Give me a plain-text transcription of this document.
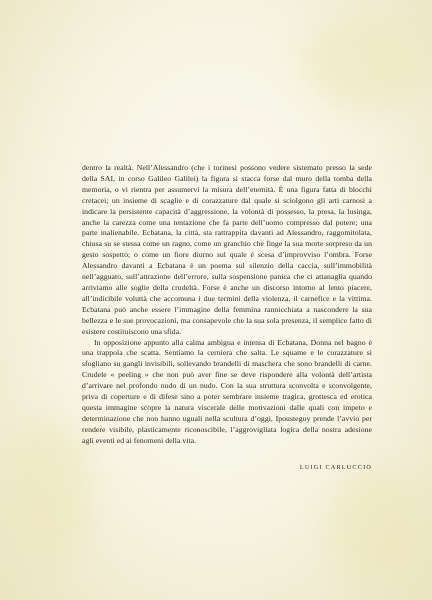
dentro la realtà. Nell’Alessandro (che i torinesi possono vedere sistemato presso la sede della SAI, in corso Galileo Galilei) la figura si stacca forse dal muro della tomba della memoria, o vi rientra per assumervi la misura dell’eternità. È una figura fatta di blocchi cretacei; un insieme di scaglie e di corazzature dal quale si sciolgono gli arti carnosi a indicare la persistente capacità d’aggressione, la volontà di possesso, la presa, la lusinga, anche la carezza come una tentazione che fa parte dell’uomo compresso dal potere; una parte inalienabile. Ecbatana, la città, sta rattrappita davanti ad Alessandro, raggomitolata, chiusa su se stessa come un ragno, come un granchio che finge la sua morte sorpreso da un gesto sospetto; o come un fiore diurno sul quale è scesa d’improvviso l’ombra. Forse Alessandro davanti a Ecbatana è un poema sul silenzio della caccia, sull’immobilità nell’agguato, sull’attrazione dell’errore, sulla sospensione panica che ci attanaglia quando arriviamo alle soglie della crudeltà. Forse è anche un discorso intorno al lento piacere, all’indicibile voluttà che accomuna i due termini della violenza, il carnefice e la vittima. Ecbatana può anche essere l’immagine della femmina rannicchiata a nascondere la sua bellezza e le sue provocazioni, ma consapevole che la sua sola presenza, il semplice fatto di esistere costituiscono una sfida.

In opposizione appunto alla calma ambigua e intensa di Ecbatana, Donna nel bagno è una trappola che scatta. Sentiamo la cerniera che salta. Le squame e le corazzature si sfogliano su gangli invisibili, sollevando brandelli di maschera che sono brandelli di carne. Crudele « peeling » che non può aver fine se deve rispondere alla volontà dell’artista d’arrivare nel profondo nudo di un nudo. Con la sua struttura sconvolta e sconvolgente, priva di coperture e di difese sino a poter sembrare insieme tragica, grottesca ed erotica questa immagine scopre la natura viscerale delle motivazioni dalle quali con impeto e determinazione che non hanno uguali nella scultura d’oggi, Ipousteguy prende l’avvio per rendere visibile, plasticamente riconoscibile, l’aggrovigliata logica della nostra adesione agli eventi ed ai fenomeni della vita.

LUIGI CARLUCCIO
